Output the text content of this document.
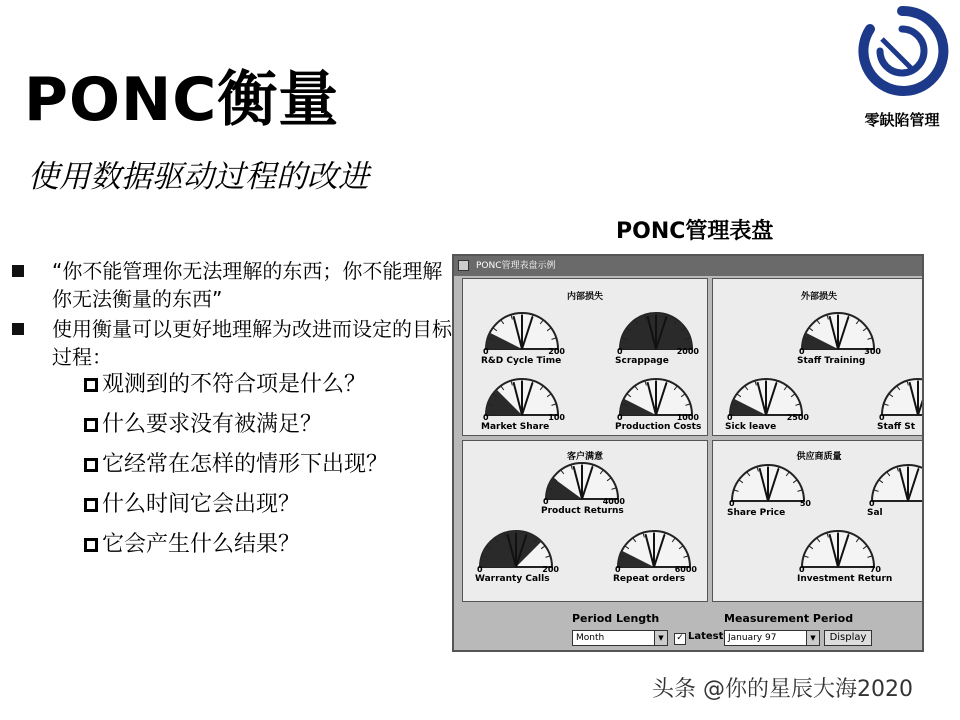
PONC衡量
使用数据驱动过程的改进
零缺陷管理
“你不能管理你无法理解的东西；你不能理解你无法衡量的东西”
使用衡量可以更好地理解为改进而设定的目标过程：
观测到的不符合项是什么？
什么要求没有被满足？
它经常在怎样的情形下出现？
什么时间它会出现？
它会产生什么结果？
PONC管理表盘
PONC管理表盘示例
内部损失
0	200
R&D Cycle Time
0	2000
Scrappage
0	100
Market Share
0	1000
Production Costs
外部损失
0	300
Staff Training
0	2500
Sick leave
0
Staff St
客户满意
0	4000
Product Returns
0	200
Warranty Calls
0	6000
Repeat orders
供应商质量
0	50
Share Price
0
Sal
0	70
Investment Return
Period Length
Month	▼	✓ Latest
Measurement Period
January 97	▼	Display
头条 @你的星辰大海2020
